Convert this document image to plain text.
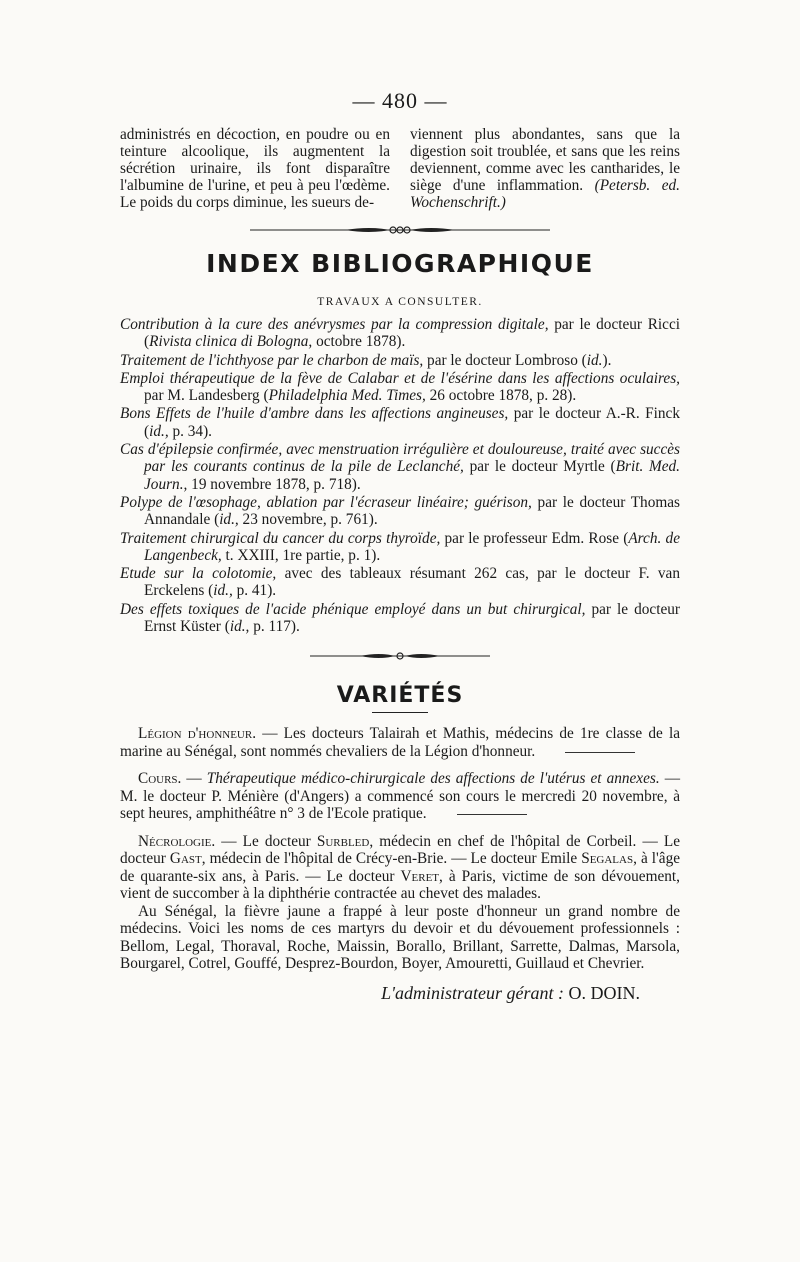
— 480 —

administrés en décoction, en poudre ou en teinture alcoolique, ils augmentent la sécrétion urinaire, ils font disparaître l'albumine de l'urine, et peu à peu l'œdème. Le poids du corps diminue, les sueurs de-

viennent plus abondantes, sans que la digestion soit troublée, et sans que les reins deviennent, comme avec les cantharides, le siège d'une inflammation. (Petersb. ed. Wochenschrift.)

INDEX BIBLIOGRAPHIQUE
TRAVAUX A CONSULTER.

Contribution à la cure des anévrysmes par la compression digitale, par le docteur Ricci (Rivista clinica di Bologna, octobre 1878).

Traitement de l'ichthyose par le charbon de maïs, par le docteur Lombroso (id.).

Emploi thérapeutique de la fève de Calabar et de l'ésérine dans les affections oculaires, par M. Landesberg (Philadelphia Med. Times, 26 octobre 1878, p. 28).

Bons Effets de l'huile d'ambre dans les affections angineuses, par le docteur A.-R. Finck (id., p. 34).

Cas d'épilepsie confirmée, avec menstruation irrégulière et douloureuse, traité avec succès par les courants continus de la pile de Leclanché, par le docteur Myrtle (Brit. Med. Journ., 19 novembre 1878, p. 718).

Polype de l'œsophage, ablation par l'écraseur linéaire; guérison, par le docteur Thomas Annandale (id., 23 novembre, p. 761).

Traitement chirurgical du cancer du corps thyroïde, par le professeur Edm. Rose (Arch. de Langenbeck, t. XXIII, 1re partie, p. 1).

Etude sur la colotomie, avec des tableaux résumant 262 cas, par le docteur F. van Erckelens (id., p. 41).

Des effets toxiques de l'acide phénique employé dans un but chirurgical, par le docteur Ernst Küster (id., p. 117).

VARIÉTÉS

Légion d'honneur. — Les docteurs Talairah et Mathis, médecins de 1re classe de la marine au Sénégal, sont nommés chevaliers de la Légion d'honneur.

Cours. — Thérapeutique médico-chirurgicale des affections de l'utérus et annexes. — M. le docteur P. Ménière (d'Angers) a commencé son cours le mercredi 20 novembre, à sept heures, amphithéâtre n° 3 de l'Ecole pratique.

Nécrologie. — Le docteur Surbled, médecin en chef de l'hôpital de Corbeil. — Le docteur Gast, médecin de l'hôpital de Crécy-en-Brie. — Le docteur Emile Segalas, à l'âge de quarante-six ans, à Paris. — Le docteur Veret, à Paris, victime de son dévouement, vient de succomber à la diphthérie contractée au chevet des malades.

Au Sénégal, la fièvre jaune a frappé à leur poste d'honneur un grand nombre de médecins. Voici les noms de ces martyrs du devoir et du dévouement professionnels : Bellom, Legal, Thoraval, Roche, Maissin, Borallo, Brillant, Sarrette, Dalmas, Marsola, Bourgarel, Cotrel, Gouffé, Desprez-Bourdon, Boyer, Amouretti, Guillaud et Chevrier.

L'administrateur gérant : O. DOIN.
